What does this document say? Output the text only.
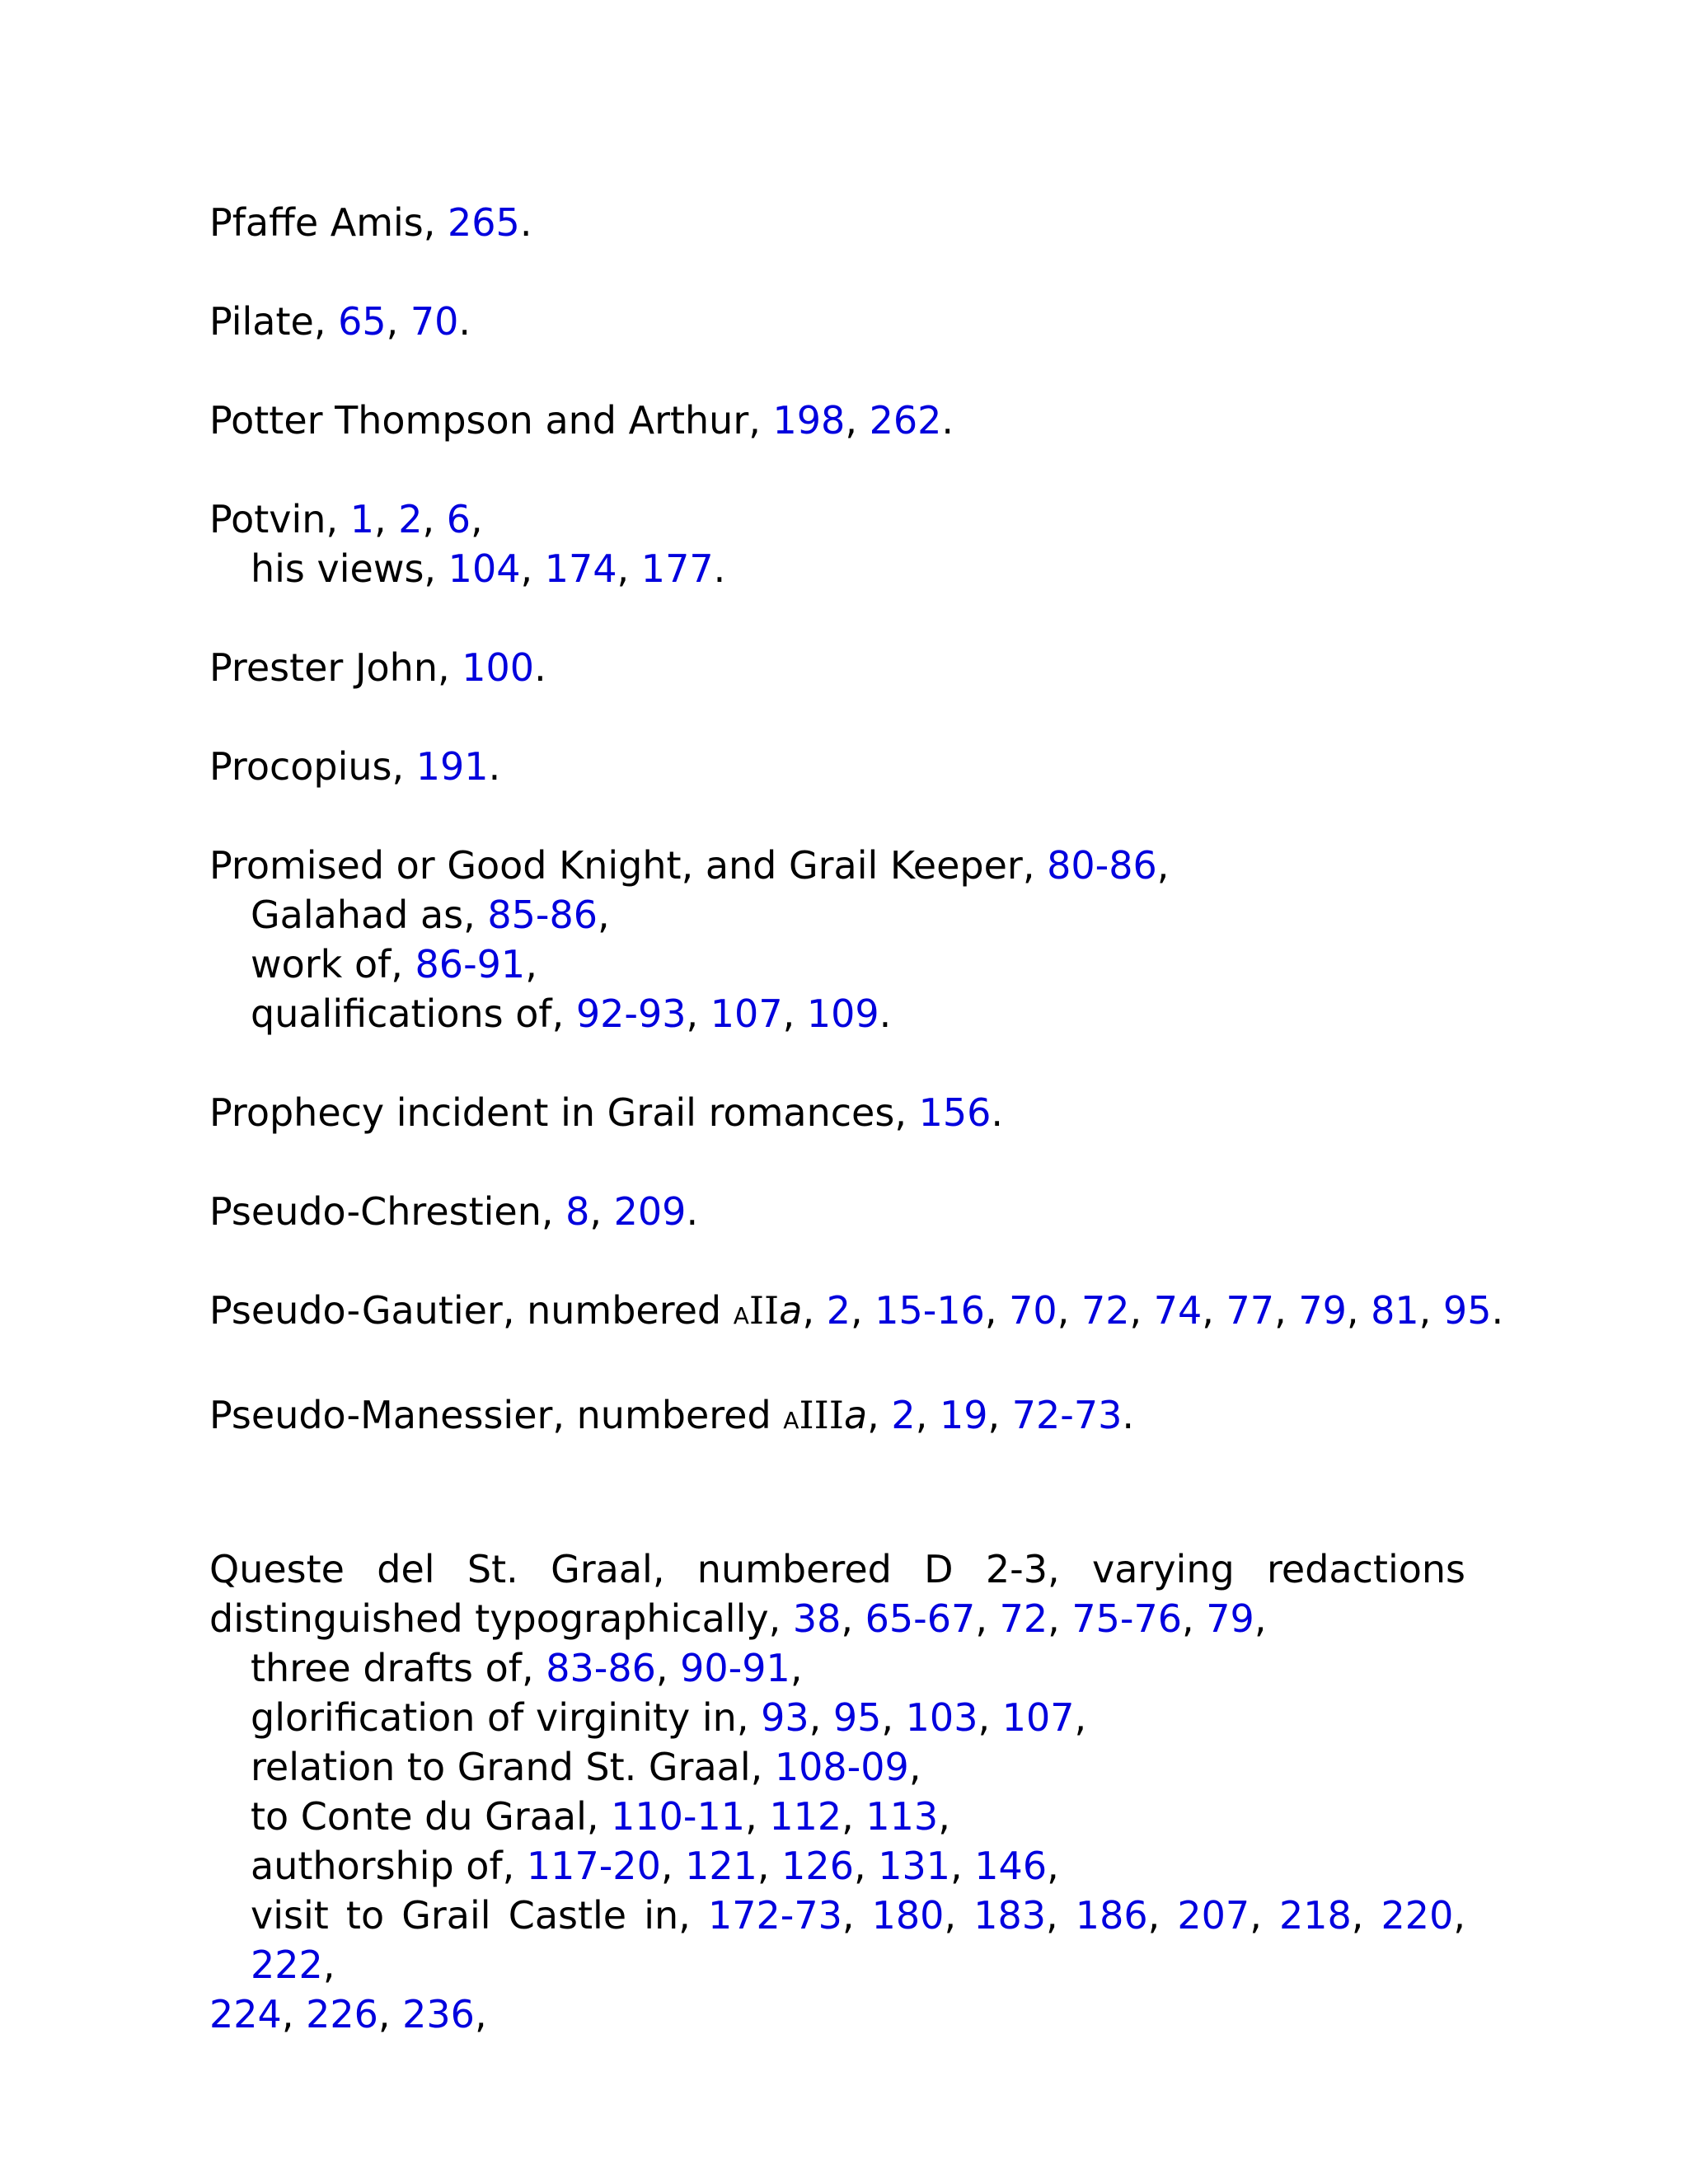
Pfaffe Amis, 265.
Pilate, 65, 70.
Potter Thompson and Arthur, 198, 262.
Potvin, 1, 2, 6,
his views, 104, 174, 177.
Prester John, 100.
Procopius, 191.
Promised or Good Knight, and Grail Keeper, 80-86,
Galahad as, 85-86,
work of, 86-91,
qualifications of, 92-93, 107, 109.
Prophecy incident in Grail romances, 156.
Pseudo-Chrestien, 8, 209.
Pseudo-Gautier, numbered AIIa, 2, 15-16, 70, 72, 74, 77, 79, 81, 95.
Pseudo-Manessier, numbered AIIIa, 2, 19, 72-73.
Queste del St. Graal, numbered D 2-3, varying redactions
distinguished typographically, 38, 65-67, 72, 75-76, 79,
three drafts of, 83-86, 90-91,
glorification of virginity in, 93, 95, 103, 107,
relation to Grand St. Graal, 108-09,
to Conte du Graal, 110-11, 112, 113,
authorship of, 117-20, 121, 126, 131, 146,
visit to Grail Castle in, 172-73, 180, 183, 186, 207, 218, 220, 222,
224, 226, 236,
